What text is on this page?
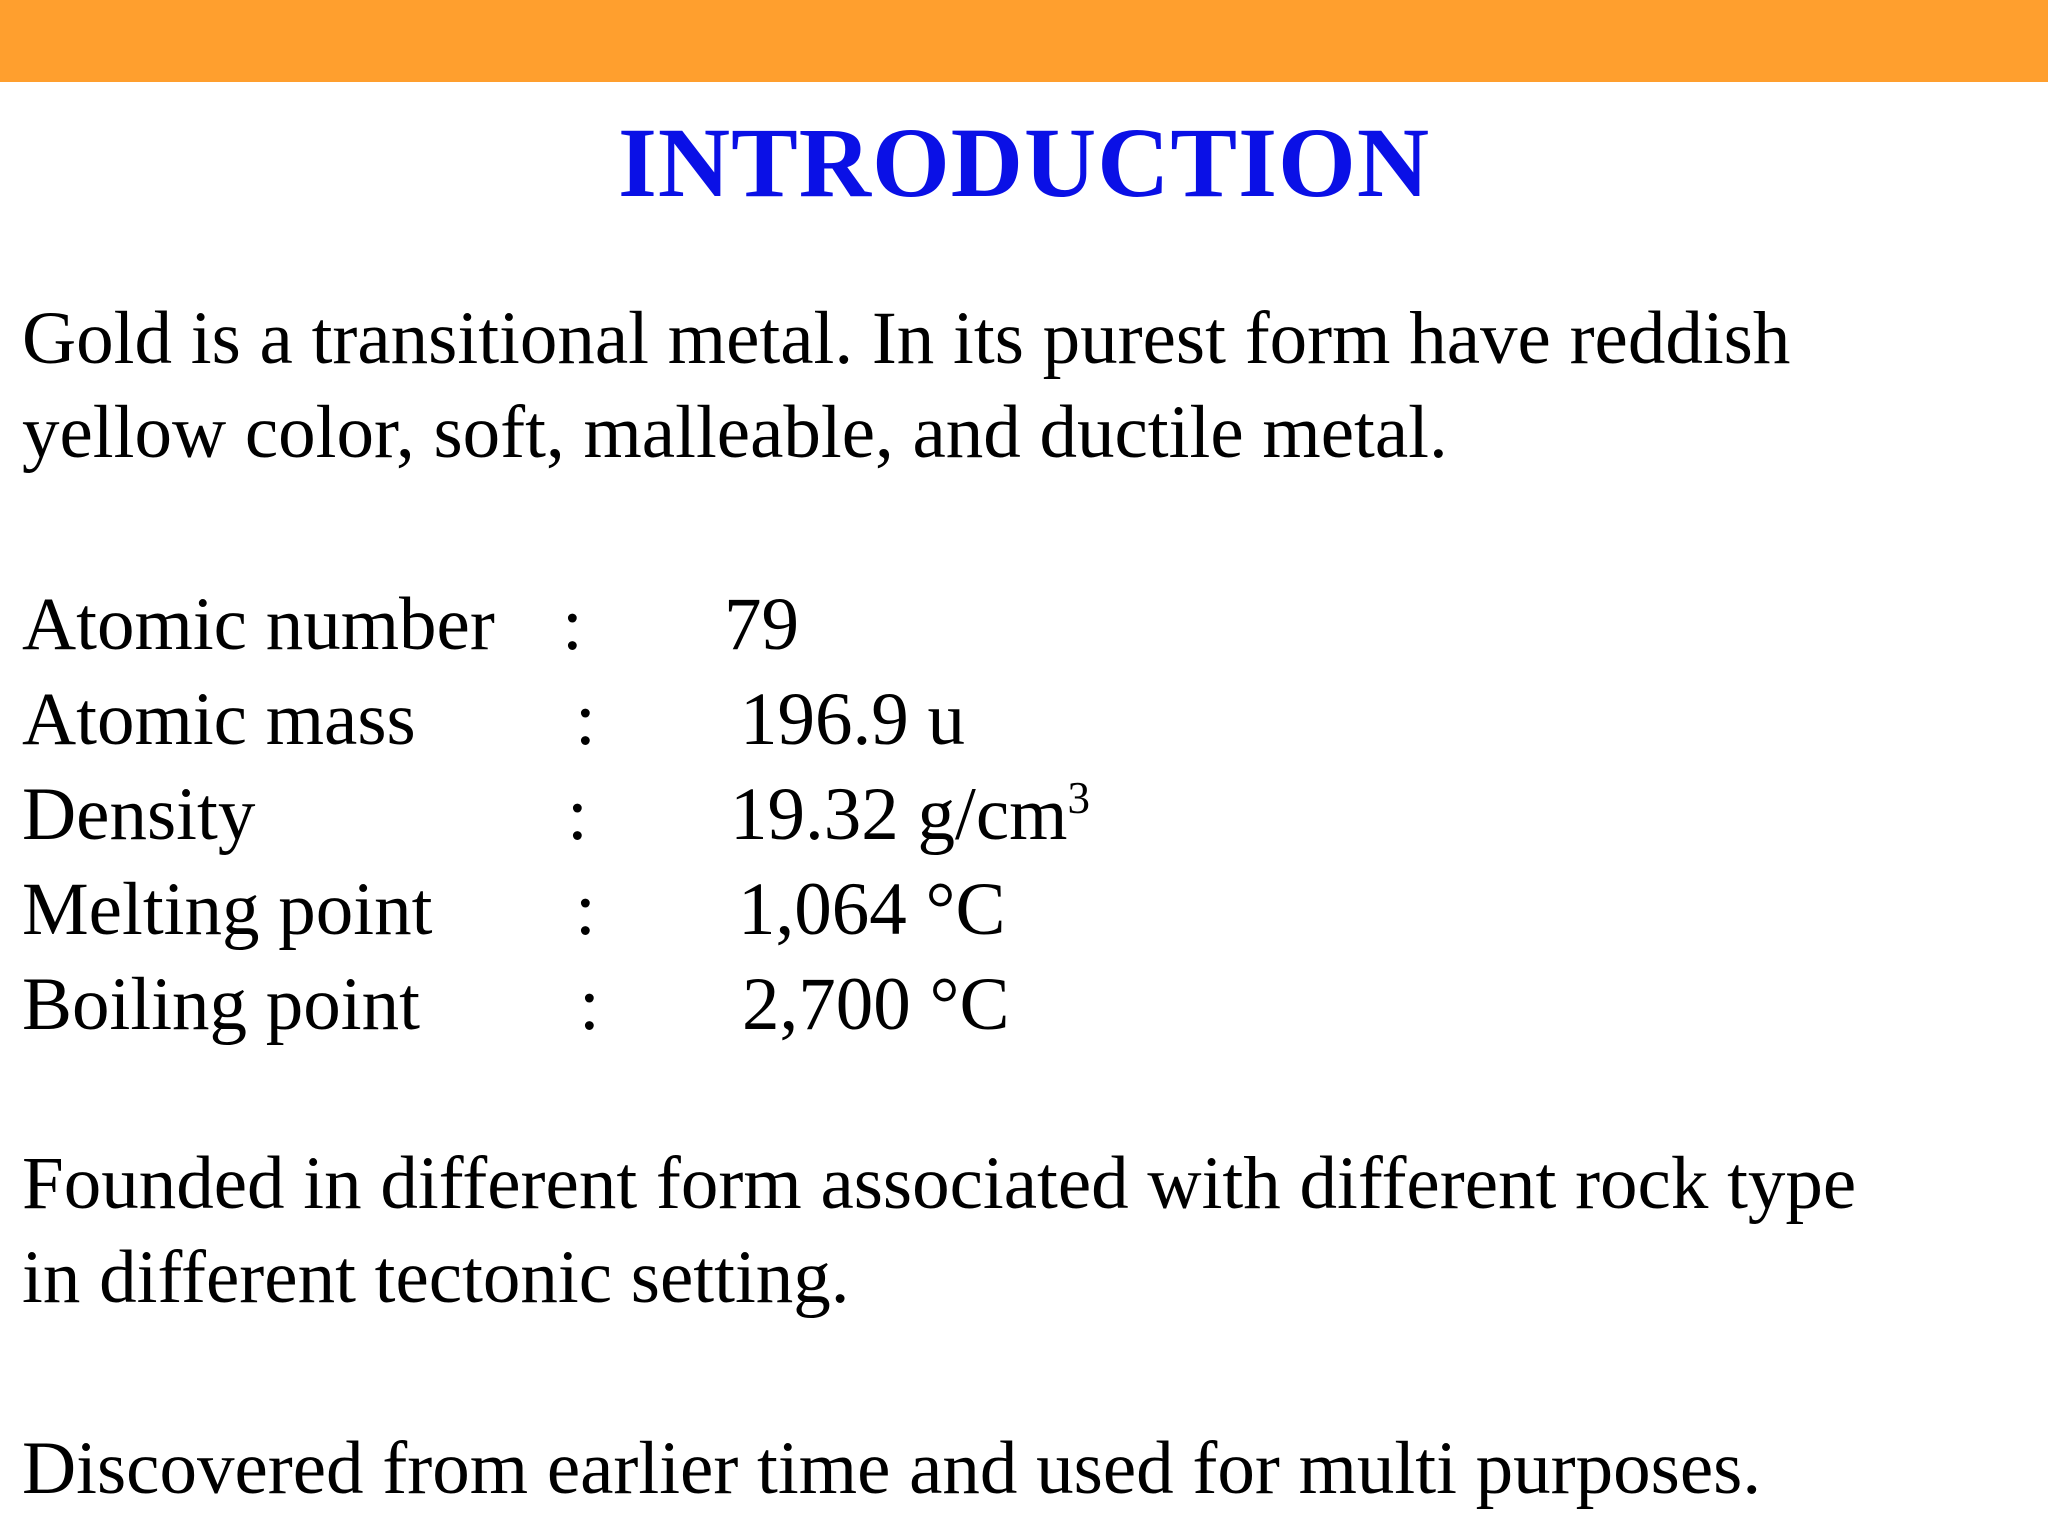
INTRODUCTION
Gold is a transitional metal. In its purest form have reddish
yellow color, soft, malleable, and ductile metal.
Atomic number : 79
Atomic mass : 196.9 u
Density	: 19.32 $g/cm^3$
Melting point : 1,064 °C
Boiling point : 2,700 °C
Founded in different form associated with different rock type
in different tectonic setting.
Discovered from earlier time and used for multi purposes.
